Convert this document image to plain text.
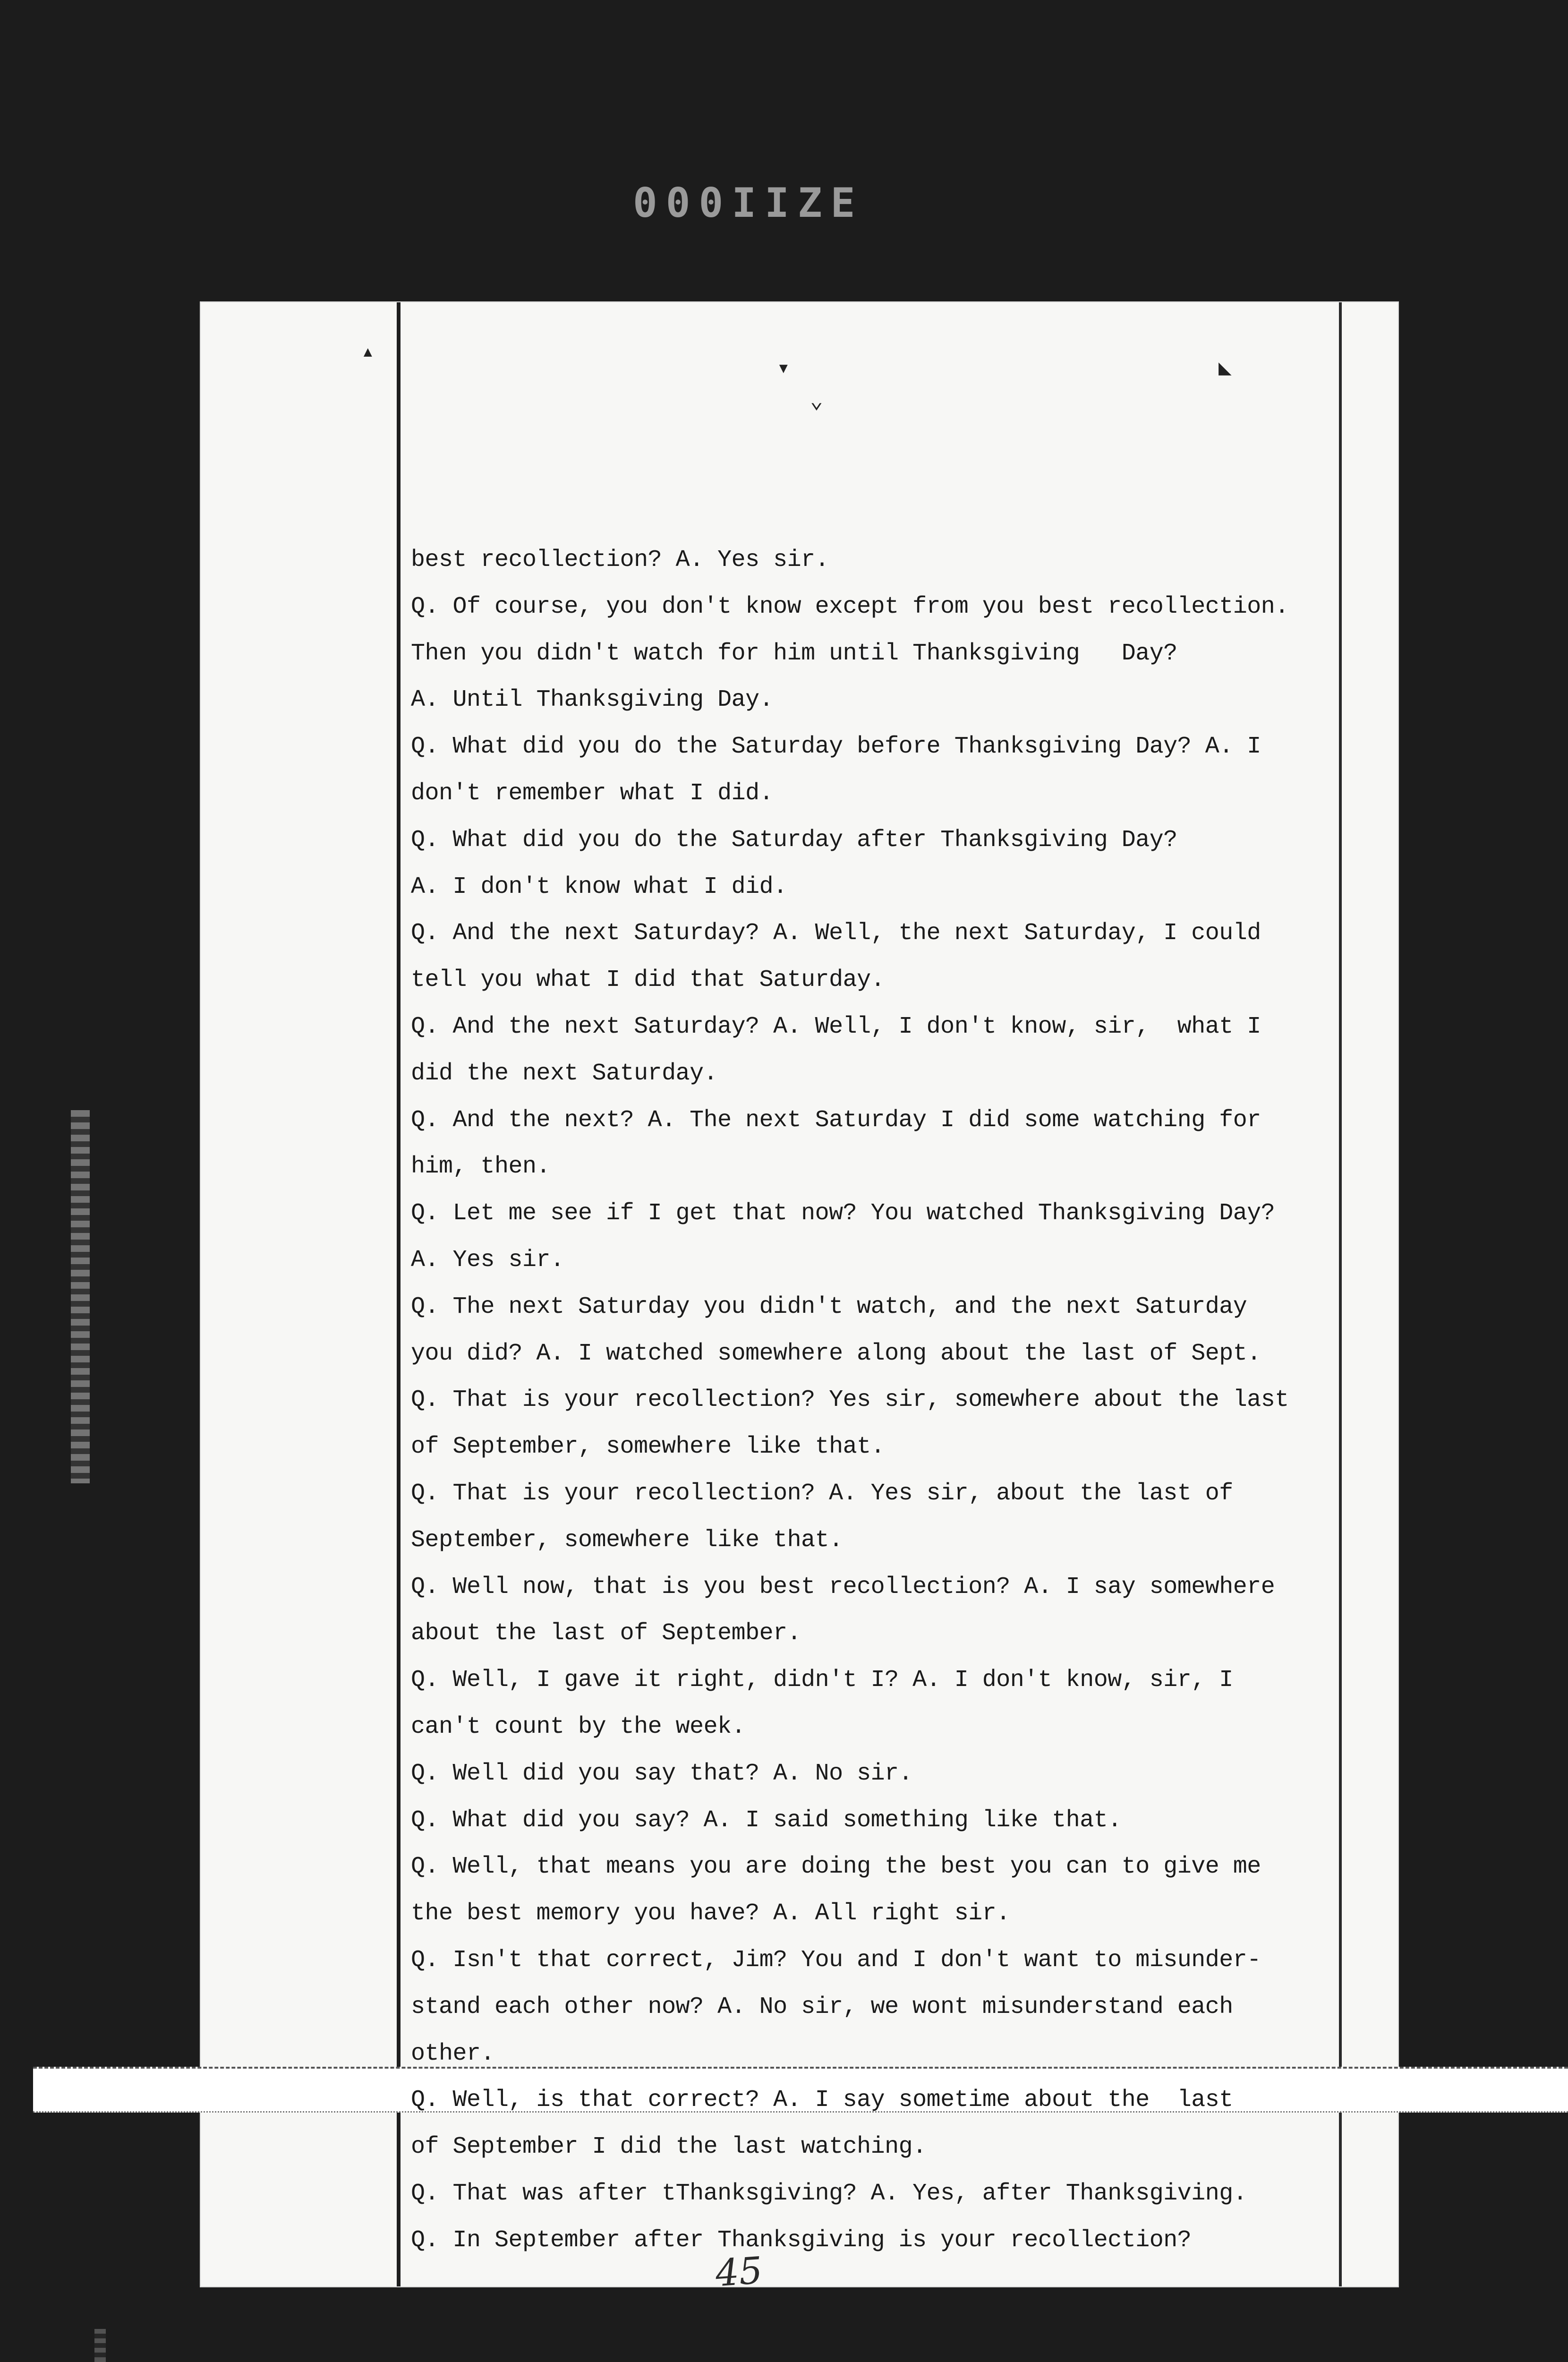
000IIZE
▴
▾
⌄
◣
best recollection? A. Yes sir.
Q. Of course, you don't know except from you best recollection.
Then you didn't watch for him until Thanksgiving   Day?
A. Until Thanksgiving Day.
Q. What did you do the Saturday before Thanksgiving Day? A. I
don't remember what I did.
Q. What did you do the Saturday after Thanksgiving Day?
A. I don't know what I did.
Q. And the next Saturday? A. Well, the next Saturday, I could
tell you what I did that Saturday.
Q. And the next Saturday? A. Well, I don't know, sir,  what I
did the next Saturday.
Q. And the next? A. The next Saturday I did some watching for
him, then.
Q. Let me see if I get that now? You watched Thanksgiving Day?
A. Yes sir.
Q. The next Saturday you didn't watch, and the next Saturday
you did? A. I watched somewhere along about the last of Sept.
Q. That is your recollection? Yes sir, somewhere about the last
of September, somewhere like that.
Q. That is your recollection? A. Yes sir, about the last of
September, somewhere like that.
Q. Well now, that is you best recollection? A. I say somewhere
about the last of September.
Q. Well, I gave it right, didn't I? A. I don't know, sir, I
can't count by the week.
Q. Well did you say that? A. No sir.
Q. What did you say? A. I said something like that.
Q. Well, that means you are doing the best you can to give me
the best memory you have? A. All right sir.
Q. Isn't that correct, Jim? You and I don't want to misunder-
stand each other now? A. No sir, we wont misunderstand each
other.
Q. Well, is that correct? A. I say sometime about the  last
of September I did the last watching.
Q. That was after tThanksgiving? A. Yes, after Thanksgiving.
Q. In September after Thanksgiving is your recollection?
45
